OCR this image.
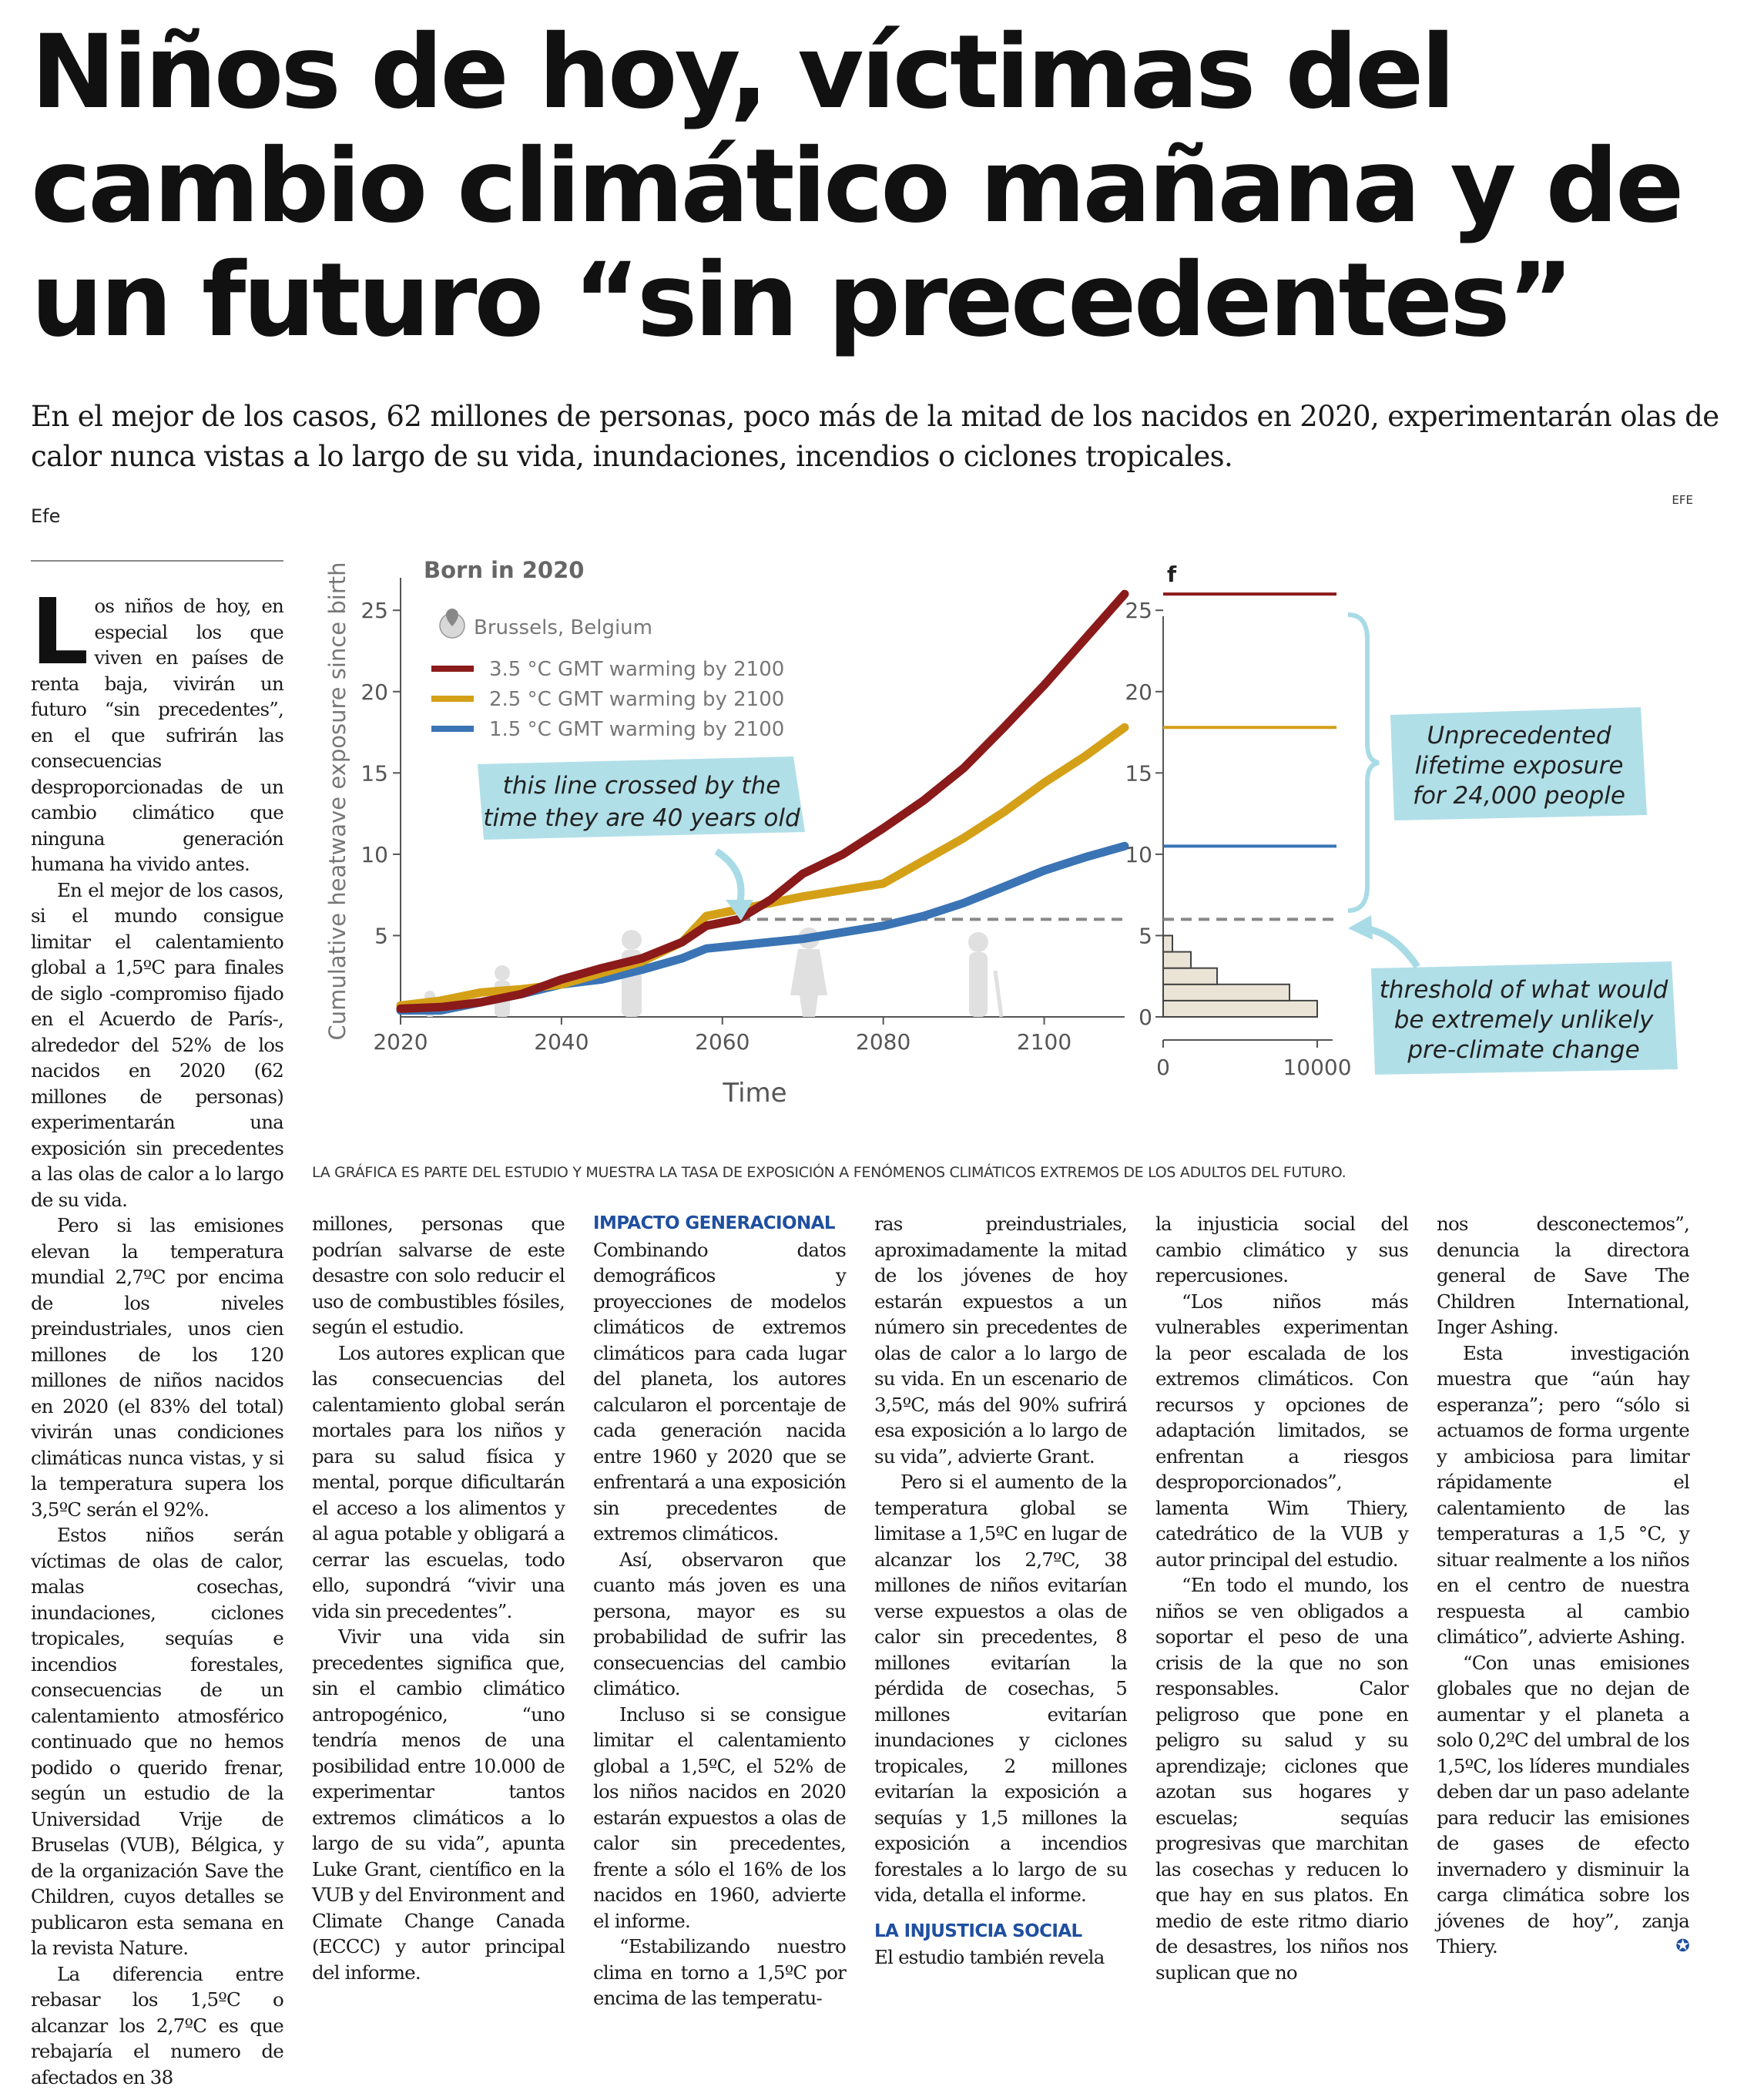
Niños de hoy, víctimas del cambio climático mañana y de un futuro “sin precedentes”

En el mejor de los casos, 62 millones de personas, poco más de la mitad de los nacidos en 2020, experimentarán olas de calor nunca vistas a lo largo de su vida, inundaciones, incendios o ciclones tropicales.

Efe
EFE
5
10
15
20
25
2020	2040	2060	2080	2100
Born in 2020
Time
Cumulative heatwave exposure since birth	Brussels, Belgium
3.5 °C GMT warming by 2100
2.5 °C GMT warming by 2100
1.5 °C GMT warming by 2100
this line crossed by the
time they are 40 years old
f
0
5
10
15
20
25
0	10000
Unprecedented
lifetime exposure
for 24,000 people
threshold of what would
be extremely unlikely
pre-climate change
LA GRÁFICA ES PARTE DEL ESTUDIO Y MUESTRA LA TASA DE EXPOSICIÓN A FENÓMENOS CLIMÁTICOS EXTREMOS DE LOS ADULTOS DEL FUTURO.

Los niños de hoy, en especial los que viven en países de renta baja, vivirán un futuro “sin precedentes”, en el que sufrirán las consecuencias desproporcionadas de un cambio climático que ninguna generación humana ha vivido antes.

En el mejor de los casos, si el mundo consigue limitar el calentamiento global a 1,5ºC para finales de siglo -compromiso fijado en el Acuerdo de París-, alrededor del 52% de los nacidos en 2020 (62 millones de personas) experimentarán una exposición sin precedentes a las olas de calor a lo largo de su vida.

Pero si las emisiones elevan la temperatura mundial 2,7ºC por encima de los niveles preindustriales, unos cien millones de los 120 millones de niños nacidos en 2020 (el 83% del total) vivirán unas condiciones climáticas nunca vistas, y si la temperatura supera los 3,5ºC serán el 92%.

Estos niños serán víctimas de olas de calor, malas cosechas, inundaciones, ciclones tropicales, sequías e incendios forestales, consecuencias de un calentamiento atmosférico continuado que no hemos podido o querido frenar, según un estudio de la Universidad Vrije de Bruselas (VUB), Bélgica, y de la organización Save the Children, cuyos detalles se publicaron esta semana en la revista Nature.

La diferencia entre rebasar los 1,5ºC o alcanzar los 2,7ºC es que rebajaría el numero de afectados en 38

millones, personas que podrían salvarse de este desastre con solo reducir el uso de combustibles fósiles, según el estudio.

Los autores explican que las consecuencias del calentamiento global serán mortales para los niños y para su salud física y mental, porque dificultarán el acceso a los alimentos y al agua potable y obligará a cerrar las escuelas, todo ello, supondrá “vivir una vida sin precedentes”.

Vivir una vida sin precedentes significa que, sin el cambio climático antropogénico, “uno tendría menos de una posibilidad entre 10.000 de experimentar tantos extremos climáticos a lo largo de su vida”, apunta Luke Grant, científico en la VUB y del Environment and Climate Change Canada (ECCC) y autor principal del informe.

IMPACTO GENERACIONAL

Combinando datos demográficos y proyecciones de modelos climáticos de extremos climáticos para cada lugar del planeta, los autores calcularon el porcentaje de cada generación nacida entre 1960 y 2020 que se enfrentará a una exposición sin precedentes de extremos climáticos.

Así, observaron que cuanto más joven es una persona, mayor es su probabilidad de sufrir las consecuencias del cambio climático.

Incluso si se consigue limitar el calentamiento global a 1,5ºC, el 52% de los niños nacidos en 2020 estarán expuestos a olas de calor sin precedentes, frente a sólo el 16% de los nacidos en 1960, advierte el informe.

“Estabilizando nuestro clima en torno a 1,5ºC por encima de las temperatu-

ras preindustriales, aproximadamente la mitad de los jóvenes de hoy estarán expuestos a un número sin precedentes de olas de calor a lo largo de su vida. En un escenario de 3,5ºC, más del 90% sufrirá esa exposición a lo largo de su vida”, advierte Grant.

Pero si el aumento de la temperatura global se limitase a 1,5ºC en lugar de alcanzar los 2,7ºC, 38 millones de niños evitarían verse expuestos a olas de calor sin precedentes, 8 millones evitarían la pérdida de cosechas, 5 millones evitarían inundaciones y ciclones tropicales, 2 millones evitarían la exposición a sequías y 1,5 millones la exposición a incendios forestales a lo largo de su vida, detalla el informe.

LA INJUSTICIA SOCIAL

El estudio también revela

la injusticia social del cambio climático y sus repercusiones.

“Los niños más vulnerables experimentan la peor escalada de los extremos climáticos. Con recursos y opciones de adaptación limitados, se enfrentan a riesgos desproporcionados”, lamenta Wim Thiery, catedrático de la VUB y autor principal del estudio.

“En todo el mundo, los niños se ven obligados a soportar el peso de una crisis de la que no son responsables. Calor peligroso que pone en peligro su salud y su aprendizaje; ciclones que azotan sus hogares y escuelas; sequías progresivas que marchitan las cosechas y reducen lo que hay en sus platos. En medio de este ritmo diario de desastres, los niños nos suplican que no

nos desconectemos”, denuncia la directora general de Save The Children International, Inger Ashing.

Esta investigación muestra que “aún hay esperanza”; pero “sólo si actuamos de forma urgente y ambiciosa para limitar rápidamente el calentamiento de las temperaturas a 1,5 °C, y situar realmente a los niños en el centro de nuestra respuesta al cambio climático”, advierte Ashing.

“Con unas emisiones globales que no dejan de aumentar y el planeta a solo 0,2ºC del umbral de los 1,5ºC, los líderes mundiales deben dar un paso adelante para reducir las emisiones de gases de efecto invernadero y disminuir la carga climática sobre los jóvenes de hoy”, zanja Thiery.	✪
